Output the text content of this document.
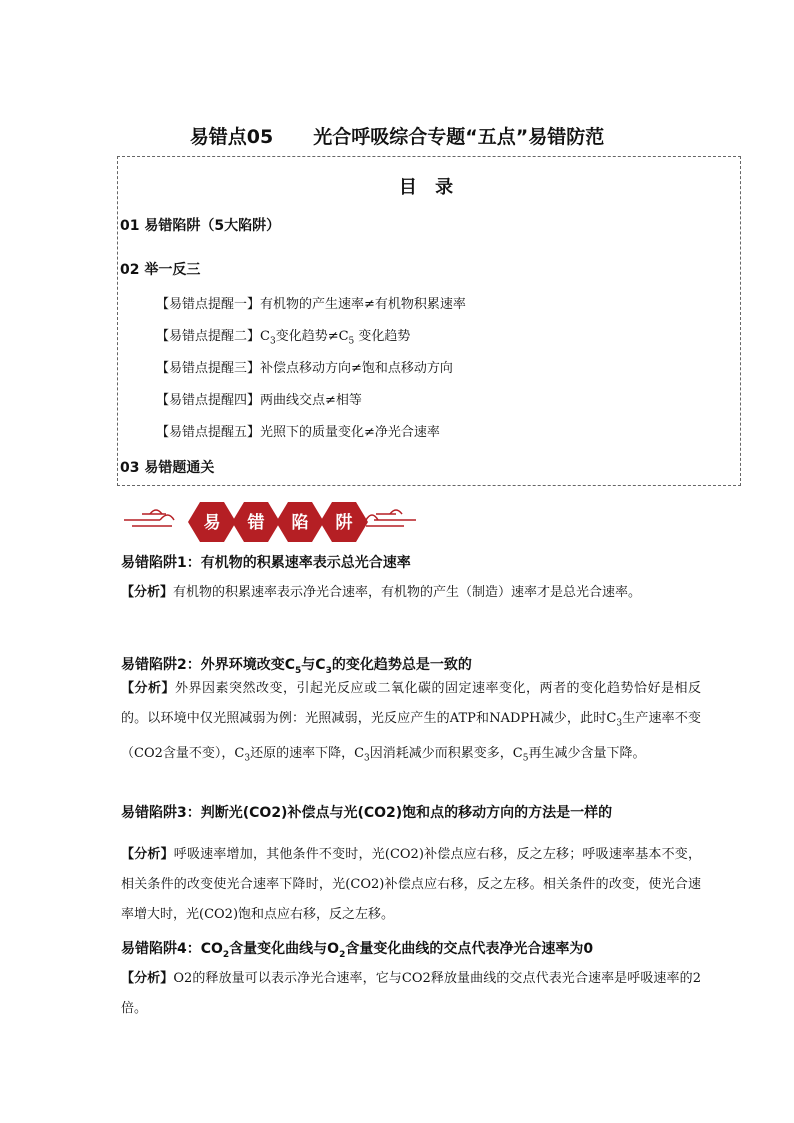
易错点05 光合呼吸综合专题“五点”易错防范
目 录
01 易错陷阱（5大陷阱）
02 举一反三
【易错点提醒一】有机物的产生速率≠有机物积累速率
【易错点提醒二】$C_3$变化趋势$\ne C_5$ 变化趋势
【易错点提醒三】补偿点移动方向≠饱和点移动方向
【易错点提醒四】两曲线交点≠相等
【易错点提醒五】光照下的质量变化≠净光合速率
03 易错题通关
易 错 陷 阱
易错陷阱1：有机物的积累速率表示总光合速率
【分析】有机物的积累速率表示净光合速率，有机物的产生（制造）速率才是总光合速率。
易错陷阱2：外界环境改变$C_5$与$C_3$的变化趋势总是一致的
【分析】外界因素突然改变，引起光反应或二氧化碳的固定速率变化，两者的变化趋势恰好是相反的。以环境中仅光照减弱为例：光照减弱，光反应产生的ATP和NADPH减少，此时$C_3$生产速率不变（CO2含量不变），$C_3$还原的速率下降，$C_3$因消耗减少而积累变多，$C_5$再生减少含量下降。
易错陷阱3：判断光(CO2)补偿点与光(CO2)饱和点的移动方向的方法是一样的
【分析】呼吸速率增加，其他条件不变时，光(CO2)补偿点应右移，反之左移；呼吸速率基本不变，相关条件的改变使光合速率下降时，光(CO2)补偿点应右移，反之左移。相关条件的改变，使光合速率增大时，光(CO2)饱和点应右移，反之左移。
易错陷阱4：$CO_2$含量变化曲线与$O_2$含量变化曲线的交点代表净光合速率为0
【分析】O2的释放量可以表示净光合速率，它与CO2释放量曲线的交点代表光合速率是呼吸速率的2倍。
